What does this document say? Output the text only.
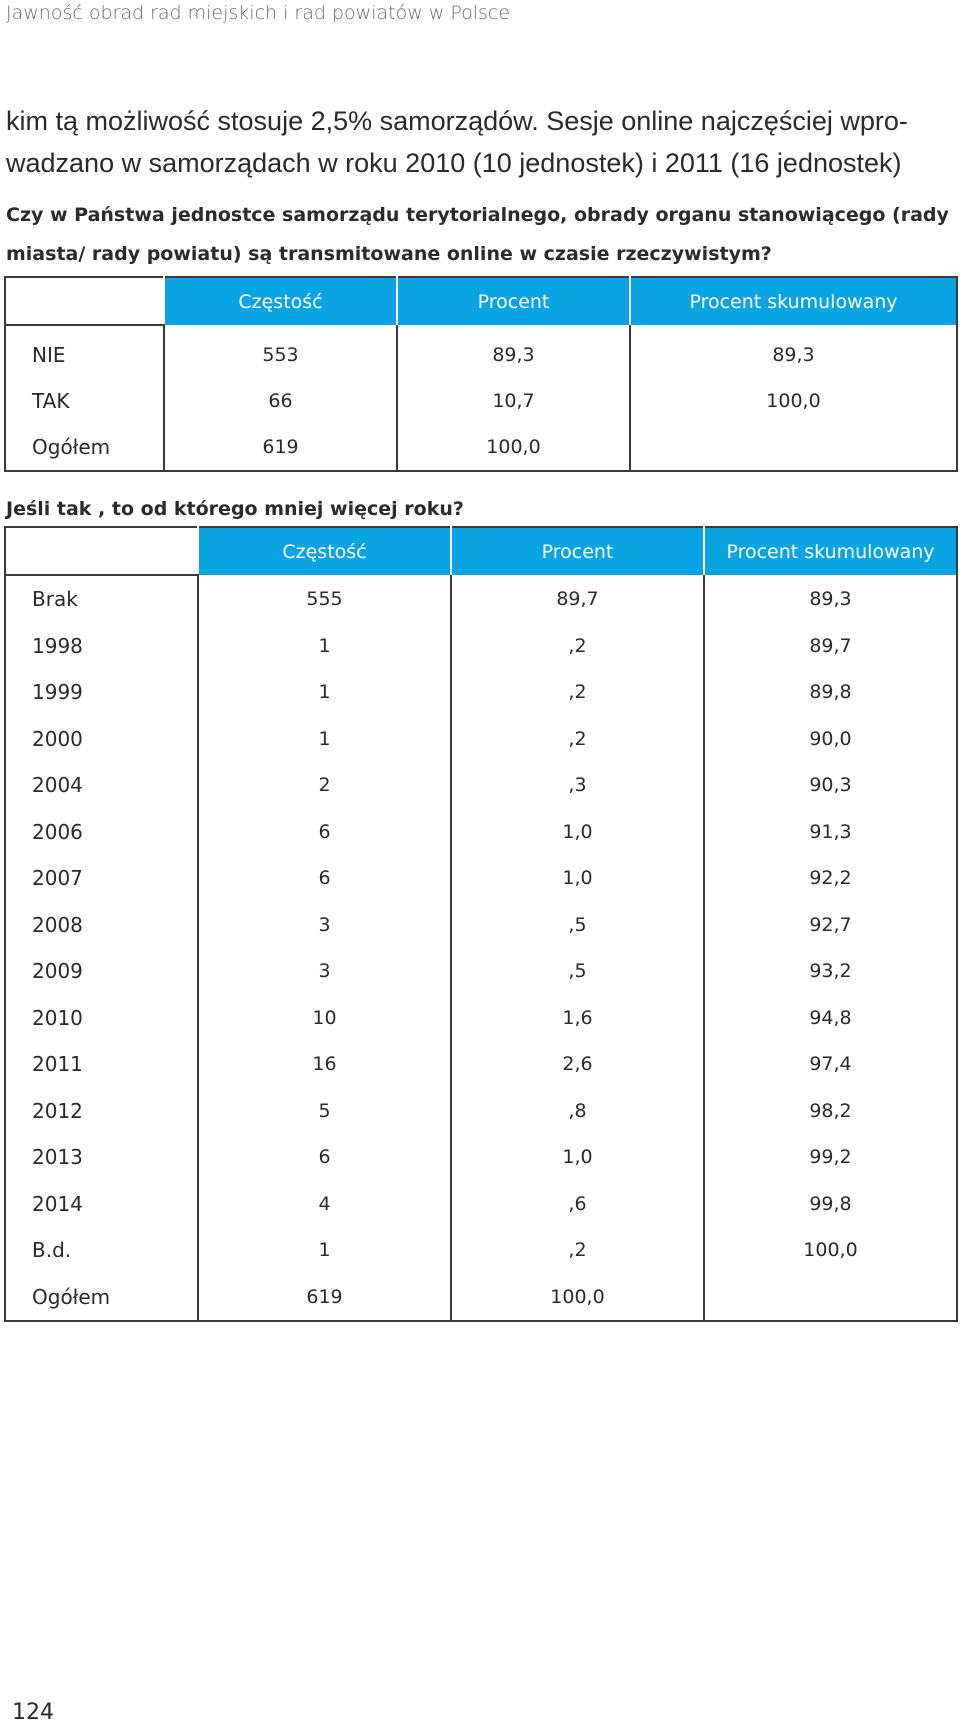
Jawność obrad rad miejskich i rad powiatów w Polsce
kim tą możliwość stosuje 2,5% samorządów. Sesje online najczęściej wpro-
wadzano w samorządach w roku 2010 (10 jednostek) i 2011 (16 jednostek)
Czy w Państwa jednostce samorządu terytorialnego, obrady organu stanowiącego (rady miasta/ rady powiatu) są transmitowane online w czasie rzeczywistym?
	Częstość	Procent	Procent skumulowany
NIE	553	89,3	89,3
TAK	66	10,7	100,0
Ogółem	619	100,0	
Jeśli tak , to od którego mniej więcej roku?
	Częstość	Procent	Procent skumulowany
Brak	555	89,7	89,3
1998	1	,2	89,7
1999	1	,2	89,8
2000	1	,2	90,0
2004	2	,3	90,3
2006	6	1,0	91,3
2007	6	1,0	92,2
2008	3	,5	92,7
2009	3	,5	93,2
2010	10	1,6	94,8
2011	16	2,6	97,4
2012	5	,8	98,2
2013	6	1,0	99,2
2014	4	,6	99,8
B.d.	1	,2	100,0
Ogółem	619	100,0	
124
